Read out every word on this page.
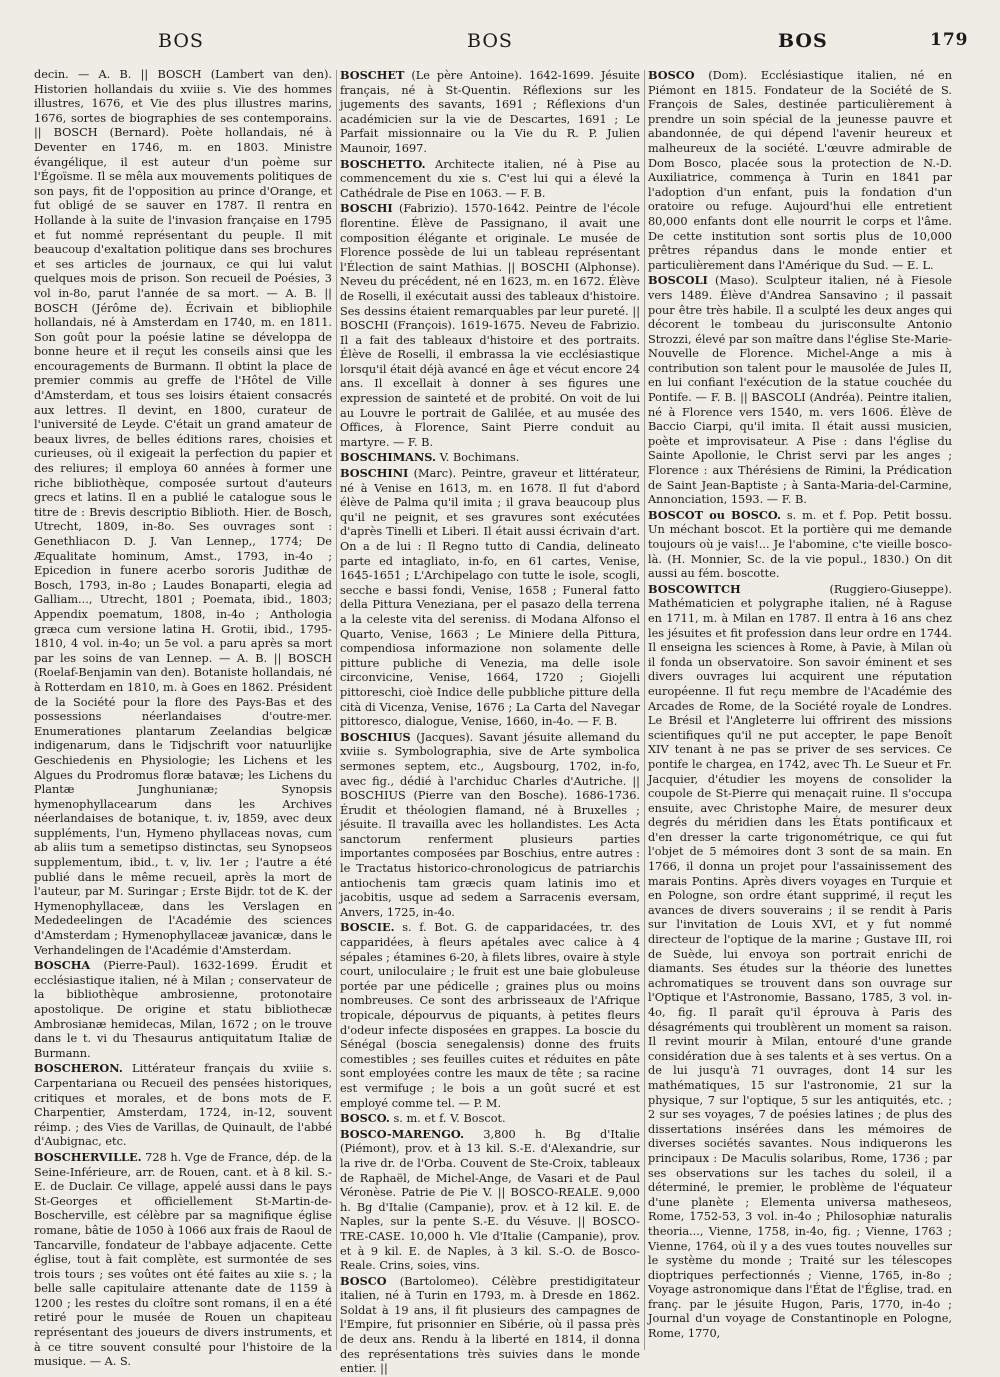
BOS	BOS	BOS	179

decin. — A. B. || BOSCH (Lambert van den). Historien hollandais du xviiie s. Vie des hommes illustres, 1676, et Vie des plus illustres marins, 1676, sortes de biographies de ses contemporains. || BOSCH (Bernard). Poète hollandais, né à Deventer en 1746, m. en 1803. Ministre évangélique, il est auteur d'un poème sur l'Égoïsme. Il se mêla aux mouvements politiques de son pays, fit de l'opposition au prince d'Orange, et fut obligé de se sauver en 1787. Il rentra en Hollande à la suite de l'invasion française en 1795 et fut nommé représentant du peuple. Il mit beaucoup d'exaltation politique dans ses brochures et ses articles de journaux, ce qui lui valut quelques mois de prison. Son recueil de Poésies, 3 vol in-8o, parut l'année de sa mort. — A. B. || BOSCH (Jérôme de). Écrivain et bibliophile hollandais, né à Amsterdam en 1740, m. en 1811. Son goût pour la poésie latine se développa de bonne heure et il reçut les conseils ainsi que les encouragements de Burmann. Il obtint la place de premier commis au greffe de l'Hôtel de Ville d'Amsterdam, et tous ses loisirs étaient consacrés aux lettres. Il devint, en 1800, curateur de l'université de Leyde. C'était un grand amateur de beaux livres, de belles éditions rares, choisies et curieuses, où il exigeait la perfection du papier et des reliures; il employa 60 années à former une riche bibliothèque, composée surtout d'auteurs grecs et latins. Il en a publié le catalogue sous le titre de : Brevis descriptio Biblioth. Hier. de Bosch, Utrecht, 1809, in-8o. Ses ouvrages sont : Genethliacon D. J. Van Lennep,, 1774; De Æqualitate hominum, Amst., 1793, in-4o ; Epicedion in funere acerbo sororis Judithæ de Bosch, 1793, in-8o ; Laudes Bonaparti, elegia ad Galliam..., Utrecht, 1801 ; Poemata, ibid., 1803; Appendix poematum, 1808, in-4o ; Anthologia græca cum versione latina H. Grotii, ibid., 1795-1810, 4 vol. in-4o; un 5e vol. a paru après sa mort par les soins de van Lennep. — A. B. || BOSCH (Roelaf-Benjamin van den). Botaniste hollandais, né à Rotterdam en 1810, m. à Goes en 1862. Président de la Société pour la flore des Pays-Bas et des possessions néerlandaises d'outre-mer. Enumerationes plantarum Zeelandias belgicæ indigenarum, dans le Tidjschrift voor natuurlijke Geschiedenis en Physiologie; les Lichens et les Algues du Prodromus floræ batavæ; les Lichens du Plantæ Junghunianæ; Synopsis hymenophyllacearum dans les Archives néerlandaises de botanique, t. iv, 1859, avec deux suppléments, l'un, Hymeno phyllaceas novas, cum ab aliis tum a semetipso distinctas, seu Synopseos supplementum, ibid., t. v, liv. 1er ; l'autre a été publié dans le même recueil, après la mort de l'auteur, par M. Suringar ; Erste Bijdr. tot de K. der Hymenophyllaceæ, dans les Verslagen en Mededeelingen de l'Académie des sciences d'Amsterdam ; Hymenophyllaceæ javanicæ, dans le Verhandelingen de l'Académie d'Amsterdam.

BOSCHA (Pierre-Paul). 1632-1699. Érudit et ecclésiastique italien, né à Milan ; conservateur de la bibliothèque ambrosienne, protonotaire apostolique. De origine et statu bibliothecæ Ambrosianæ hemidecas, Milan, 1672 ; on le trouve dans le t. vi du Thesaurus antiquitatum Italiæ de Burmann.

BOSCHERON. Littérateur français du xviiie s. Carpentariana ou Recueil des pensées historiques, critiques et morales, et de bons mots de F. Charpentier, Amsterdam, 1724, in-12, souvent réimp. ; des Vies de Varillas, de Quinault, de l'abbé d'Aubignac, etc.

BOSCHERVILLE. 728 h. Vge de France, dép. de la Seine-Inférieure, arr. de Rouen, cant. et à 8 kil. S.-E. de Duclair. Ce village, appelé aussi dans le pays St-Georges et officiellement St-Martin-de-Boscherville, est célèbre par sa magnifique église romane, bâtie de 1050 à 1066 aux frais de Raoul de Tancarville, fondateur de l'abbaye adjacente. Cette église, tout à fait complète, est surmontée de ses trois tours ; ses voûtes ont été faites au xiie s. ; la belle salle capitulaire attenante date de 1159 à 1200 ; les restes du cloître sont romans, il en a été retiré pour le musée de Rouen un chapiteau représentant des joueurs de divers instruments, et à ce titre souvent consulté pour l'histoire de la musique. — A. S.

BOSCHET (Le père Antoine). 1642-1699. Jésuite français, né à St-Quentin. Réflexions sur les jugements des savants, 1691 ; Réflexions d'un académicien sur la vie de Descartes, 1691 ; Le Parfait missionnaire ou la Vie du R. P. Julien Maunoir, 1697.

BOSCHETTO. Architecte italien, né à Pise au commencement du xie s. C'est lui qui a élevé la Cathédrale de Pise en 1063. — F. B.

BOSCHI (Fabrizio). 1570-1642. Peintre de l'école florentine. Élève de Passignano, il avait une composition élégante et originale. Le musée de Florence possède de lui un tableau représentant l'Élection de saint Mathias. || BOSCHI (Alphonse). Neveu du précédent, né en 1623, m. en 1672. Élève de Roselli, il exécutait aussi des tableaux d'histoire. Ses dessins étaient remarquables par leur pureté. || BOSCHI (François). 1619-1675. Neveu de Fabrizio. Il a fait des tableaux d'histoire et des portraits. Élève de Roselli, il embrassa la vie ecclésiastique lorsqu'il était déjà avancé en âge et vécut encore 24 ans. Il excellait à donner à ses figures une expression de sainteté et de probité. On voit de lui au Louvre le portrait de Galilée, et au musée des Offices, à Florence, Saint Pierre conduit au martyre. — F. B.

BOSCHIMANS. V. Bochimans.

BOSCHINI (Marc). Peintre, graveur et littérateur, né à Venise en 1613, m. en 1678. Il fut d'abord élève de Palma qu'il imita ; il grava beaucoup plus qu'il ne peignit, et ses gravures sont exécutées d'après Tinelli et Liberi. Il était aussi écrivain d'art. On a de lui : Il Regno tutto di Candia, delineato parte ed intagliato, in-fo, en 61 cartes, Venise, 1645-1651 ; L'Archipelago con tutte le isole, scogli, secche e bassi fondi, Venise, 1658 ; Funeral fatto della Pittura Veneziana, per el pasazo della terrena a la celeste vita del sereniss. di Modana Alfonso el Quarto, Venise, 1663 ; Le Miniere della Pittura, compendiosa informazione non solamente delle pitture publiche di Venezia, ma delle isole circonvicine, Venise, 1664, 1720 ; Giojelli pittoreschi, cioè Indice delle pubbliche pitture della cità di Vicenza, Venise, 1676 ; La Carta del Navegar pittoresco, dialogue, Venise, 1660, in-4o. — F. B.

BOSCHIUS (Jacques). Savant jésuite allemand du xviiie s. Symbolographia, sive de Arte symbolica sermones septem, etc., Augsbourg, 1702, in-fo, avec fig., dédié à l'archiduc Charles d'Autriche. || BOSCHIUS (Pierre van den Bosche). 1686-1736. Érudit et théologien flamand, né à Bruxelles ; jésuite. Il travailla avec les hollandistes. Les Acta sanctorum renferment plusieurs parties importantes composées par Boschius, entre autres : le Tractatus historico-chronologicus de patriarchis antiochenis tam græcis quam latinis imo et jacobitis, usque ad sedem a Sarracenis eversam, Anvers, 1725, in-4o.

BOSCIE. s. f. Bot. G. de capparidacées, tr. des capparidées, à fleurs apétales avec calice à 4 sépales ; étamines 6-20, à filets libres, ovaire à style court, uniloculaire ; le fruit est une baie globuleuse portée par une pédicelle ; graines plus ou moins nombreuses. Ce sont des arbrisseaux de l'Afrique tropicale, dépourvus de piquants, à petites fleurs d'odeur infecte disposées en grappes. La boscie du Sénégal (boscia senegalensis) donne des fruits comestibles ; ses feuilles cuites et réduites en pâte sont employées contre les maux de tête ; sa racine est vermifuge ; le bois a un goût sucré et est employé comme tel. — P. M.

BOSCO. s. m. et f. V. Boscot.

BOSCO-MARENGO. 3,800 h. Bg d'Italie (Piémont), prov. et à 13 kil. S.-E. d'Alexandrie, sur la rive dr. de l'Orba. Couvent de Ste-Croix, tableaux de Raphaël, de Michel-Ange, de Vasari et de Paul Véronèse. Patrie de Pie V. || BOSCO-REALE. 9,000 h. Bg d'Italie (Campanie), prov. et à 12 kil. E. de Naples, sur la pente S.-E. du Vésuve. || BOSCO-TRE-CASE. 10,000 h. Vle d'Italie (Campanie), prov. et à 9 kil. E. de Naples, à 3 kil. S.-O. de Bosco-Reale. Crins, soies, vins.

BOSCO (Bartolomeo). Célèbre prestidigitateur italien, né à Turin en 1793, m. à Dresde en 1862. Soldat à 19 ans, il fit plusieurs des campagnes de l'Empire, fut prisonnier en Sibérie, où il passa près de deux ans. Rendu à la liberté en 1814, il donna des représentations très suivies dans le monde entier. ||

BOSCO (Dom). Ecclésiastique italien, né en Piémont en 1815. Fondateur de la Société de S. François de Sales, destinée particulièrement à prendre un soin spécial de la jeunesse pauvre et abandonnée, de qui dépend l'avenir heureux et malheureux de la société. L'œuvre admirable de Dom Bosco, placée sous la protection de N.-D. Auxiliatrice, commença à Turin en 1841 par l'adoption d'un enfant, puis la fondation d'un oratoire ou refuge. Aujourd'hui elle entretient 80,000 enfants dont elle nourrit le corps et l'âme. De cette institution sont sortis plus de 10,000 prêtres répandus dans le monde entier et particulièrement dans l'Amérique du Sud. — E. L.

BOSCOLI (Maso). Sculpteur italien, né à Fiesole vers 1489. Élève d'Andrea Sansavino ; il passait pour être très habile. Il a sculpté les deux anges qui décorent le tombeau du jurisconsulte Antonio Strozzi, élevé par son maître dans l'église Ste-Marie-Nouvelle de Florence. Michel-Ange a mis à contribution son talent pour le mausolée de Jules II, en lui confiant l'exécution de la statue couchée du Pontife. — F. B. || BASCOLI (Andréa). Peintre italien, né à Florence vers 1540, m. vers 1606. Élève de Baccio Ciarpi, qu'il imita. Il était aussi musicien, poète et improvisateur. A Pise : dans l'église du Sainte Apollonie, le Christ servi par les anges ; Florence : aux Thérésiens de Rimini, la Prédication de Saint Jean-Baptiste ; à Santa-Maria-del-Carmine, Annonciation, 1593. — F. B.

BOSCOT ou BOSCO. s. m. et f. Pop. Petit bossu. Un méchant boscot. Et la portière qui me demande toujours où je vais!... Je l'abomine, c'te vieille bosco-là. (H. Monnier, Sc. de la vie popul., 1830.) On dit aussi au fém. boscotte.

BOSCOWITCH (Ruggiero-Giuseppe). Mathématicien et polygraphe italien, né à Raguse en 1711, m. à Milan en 1787. Il entra à 16 ans chez les jésuites et fit profession dans leur ordre en 1744. Il enseigna les sciences à Rome, à Pavie, à Milan où il fonda un observatoire. Son savoir éminent et ses divers ouvrages lui acquirent une réputation européenne. Il fut reçu membre de l'Académie des Arcades de Rome, de la Société royale de Londres. Le Brésil et l'Angleterre lui offrirent des missions scientifiques qu'il ne put accepter, le pape Benoît XIV tenant à ne pas se priver de ses services. Ce pontife le chargea, en 1742, avec Th. Le Sueur et Fr. Jacquier, d'étudier les moyens de consolider la coupole de St-Pierre qui menaçait ruine. Il s'occupa ensuite, avec Christophe Maire, de mesurer deux degrés du méridien dans les États pontificaux et d'en dresser la carte trigonométrique, ce qui fut l'objet de 5 mémoires dont 3 sont de sa main. En 1766, il donna un projet pour l'assainissement des marais Pontins. Après divers voyages en Turquie et en Pologne, son ordre étant supprimé, il reçut les avances de divers souverains ; il se rendit à Paris sur l'invitation de Louis XVI, et y fut nommé directeur de l'optique de la marine ; Gustave III, roi de Suède, lui envoya son portrait enrichi de diamants. Ses études sur la théorie des lunettes achromatiques se trouvent dans son ouvrage sur l'Optique et l'Astronomie, Bassano, 1785, 3 vol. in-4o, fig. Il paraît qu'il éprouva à Paris des désagréments qui troublèrent un moment sa raison. Il revint mourir à Milan, entouré d'une grande considération due à ses talents et à ses vertus. On a de lui jusqu'à 71 ouvrages, dont 14 sur les mathématiques, 15 sur l'astronomie, 21 sur la physique, 7 sur l'optique, 5 sur les antiquités, etc. ; 2 sur ses voyages, 7 de poésies latines ; de plus des dissertations insérées dans les mémoires de diverses sociétés savantes. Nous indiquerons les principaux : De Maculis solaribus, Rome, 1736 ; par ses observations sur les taches du soleil, il a déterminé, le premier, le problème de l'équateur d'une planète ; Elementa universa matheseos, Rome, 1752-53, 3 vol. in-4o ; Philosophiæ naturalis theoria..., Vienne, 1758, in-4o, fig. ; Vienne, 1763 ; Vienne, 1764, où il y a des vues toutes nouvelles sur le système du monde ; Traité sur les télescopes dioptriques perfectionnés ; Vienne, 1765, in-8o ; Voyage astronomique dans l'État de l'Église, trad. en franç. par le jésuite Hugon, Paris, 1770, in-4o ; Journal d'un voyage de Constantinople en Pologne, Rome, 1770,
